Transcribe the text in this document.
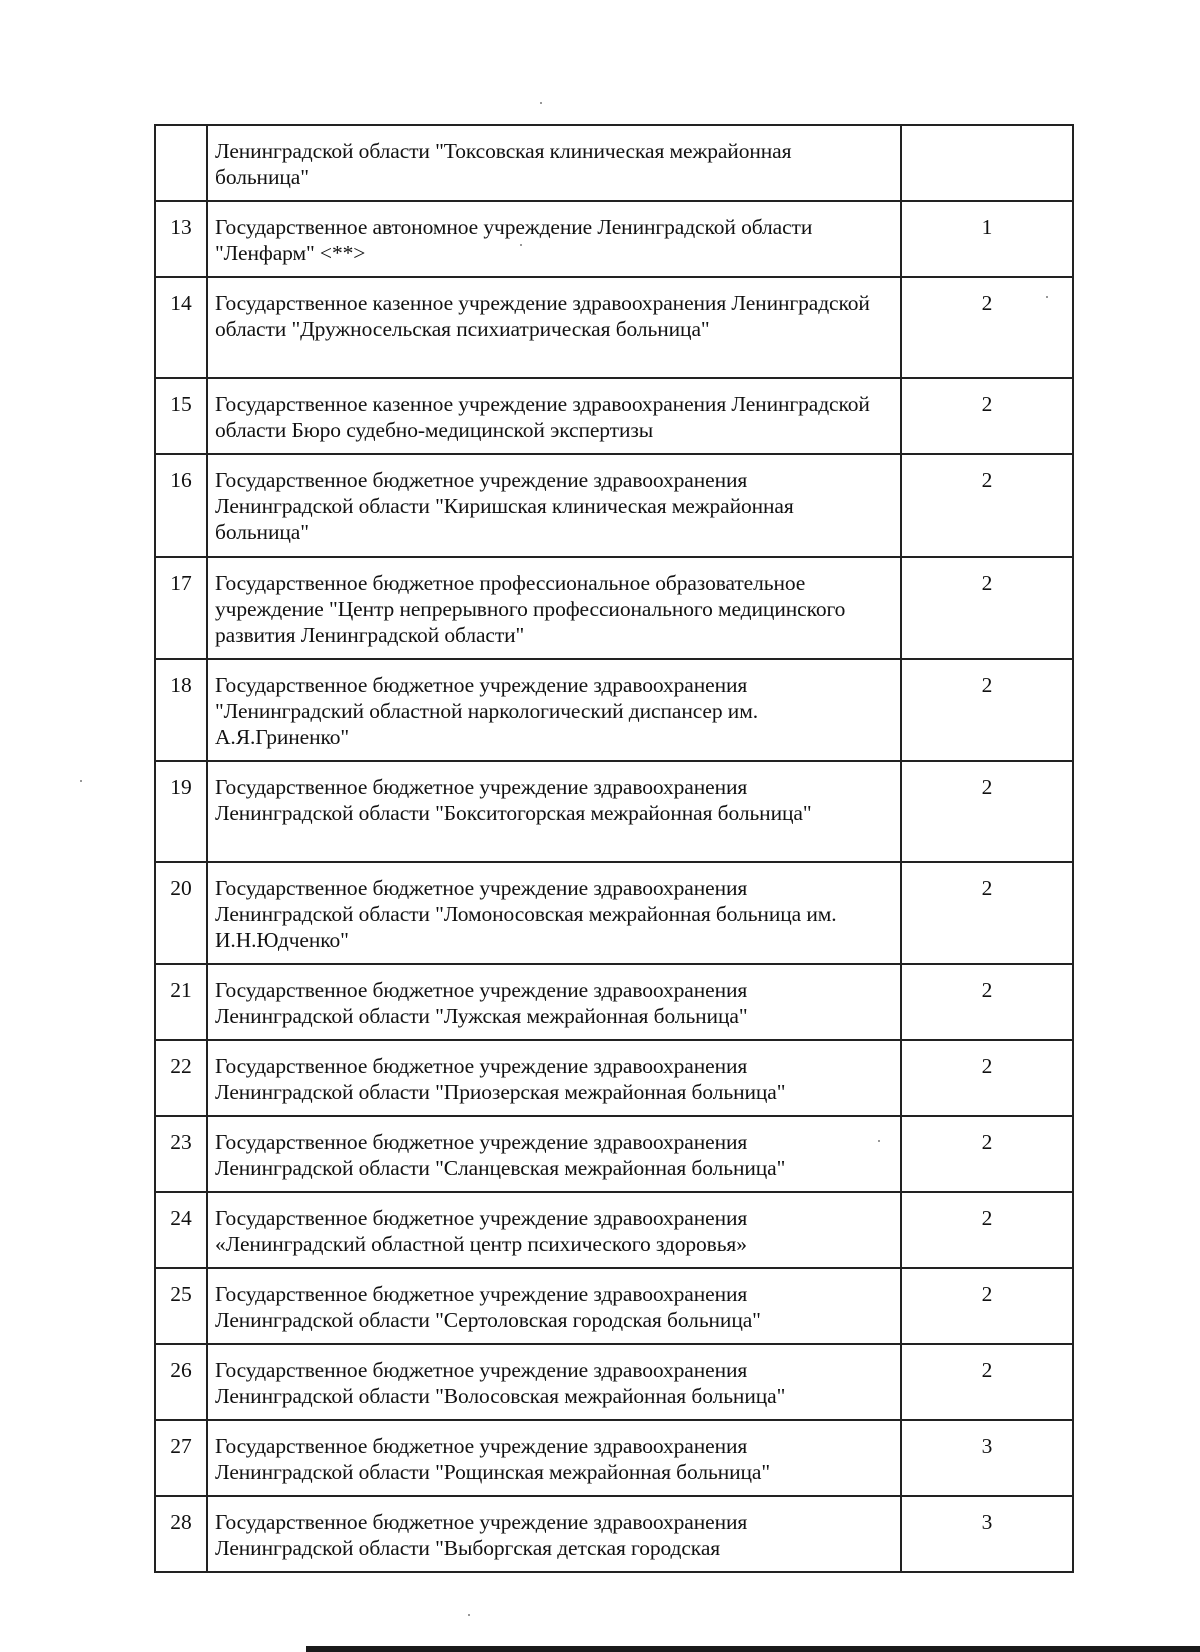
	Ленинградской области "Токсовская клиническая межрайонная больница"	
13	Государственное автономное учреждение Ленинградской области "Ленфарм" <**>	1
14	Государственное казенное учреждение здравоохранения Ленинградской области "Дружносельская психиатрическая больница"	2
15	Государственное казенное учреждение здравоохранения Ленинградской области Бюро судебно-медицинской экспертизы	2
16	Государственное бюджетное учреждение здравоохранения Ленинградской области "Киришская клиническая межрайонная больница"	2
17	Государственное бюджетное профессиональное образовательное учреждение "Центр непрерывного профессионального медицинского развития Ленинградской области"	2
18	Государственное бюджетное учреждение здравоохранения "Ленинградский областной наркологический диспансер им. А.Я.Гриненко"	2
19	Государственное бюджетное учреждение здравоохранения Ленинградской области "Бокситогорская межрайонная больница"	2
20	Государственное бюджетное учреждение здравоохранения Ленинградской области "Ломоносовская межрайонная больница им. И.Н.Юдченко"	2
21	Государственное бюджетное учреждение здравоохранения Ленинградской области "Лужская межрайонная больница"	2
22	Государственное бюджетное учреждение здравоохранения Ленинградской области "Приозерская межрайонная больница"	2
23	Государственное бюджетное учреждение здравоохранения Ленинградской области "Сланцевская межрайонная больница"	2
24	Государственное бюджетное учреждение здравоохранения «Ленинградский областной центр психического здоровья»	2
25	Государственное бюджетное учреждение здравоохранения Ленинградской области "Сертоловская городская больница"	2
26	Государственное бюджетное учреждение здравоохранения Ленинградской области "Волосовская межрайонная больница"	2
27	Государственное бюджетное учреждение здравоохранения Ленинградской области "Рощинская межрайонная больница"	3
28	Государственное бюджетное учреждение здравоохранения Ленинградской области "Выборгская детская городская	3
